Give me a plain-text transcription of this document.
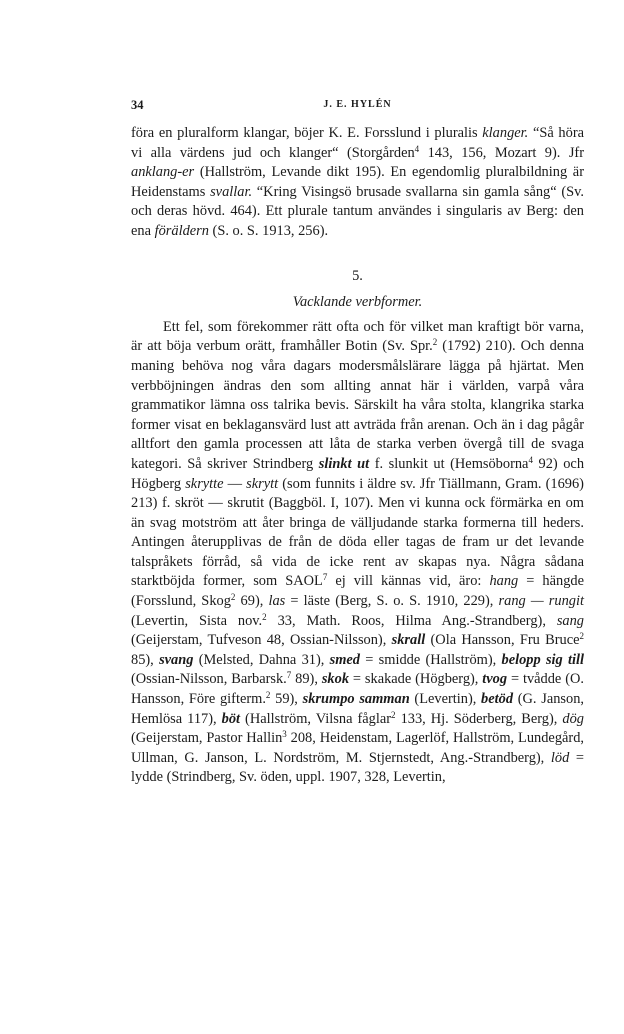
34	J. E. HYLÉN

föra en pluralform klangar, böjer K. E. Forsslund i pluralis klanger. “Så höra vi alla värdens jud och klanger“ (Storgården$^4$ 143, 156, Mozart 9). Jfr anklang-er (Hallström, Levande dikt 195). En egendomlig pluralbildning är Heidenstams svallar. “Kring Visingsö brusade svallarna sin gamla sång“ (Sv. och deras hövd. 464). Ett plurale tantum användes i singularis av Berg: den ena föräldern (S. o. S. 1913, 256).

5.
Vacklande verbformer.

Ett fel, som förekommer rätt ofta och för vilket man kraftigt bör varna, är att böja verbum orätt, framhåller Botin (Sv. Spr.$^2$ (1792) 210). Och denna maning behöva nog våra dagars modersmålslärare lägga på hjärtat. Men verbböjningen ändras den som allting annat här i världen, varpå våra grammatikor lämna oss talrika bevis. Särskilt ha våra stolta, klangrika starka former visat en beklagansvärd lust att avträda från arenan. Och än i dag pågår alltfort den gamla processen att låta de starka verben övergå till de svaga kategori. Så skriver Strindberg slinkt ut f. slunkit ut (Hemsöborna$^4$ 92) och Högberg skrytte — skrytt (som funnits i äldre sv. Jfr Tiällmann, Gram. (1696) 213) f. skröt — skrutit (Baggböl. I, 107). Men vi kunna ock förmärka en om än svag motström att åter bringa de välljudande starka formerna till heders. Antingen återupplivas de från de döda eller tagas de fram ur det levande talspråkets förråd, så vida de icke rent av skapas nya. Några sådana starktböjda former, som SAOL$^7$ ej vill kännas vid, äro: hang = hängde (Forsslund, Skog$^2$ 69), las = läste (Berg, S. o. S. 1910, 229), rang — rungit (Levertin, Sista nov.$^2$ 33, Math. Roos, Hilma Ang.-Strandberg), sang (Geijerstam, Tufveson 48, Ossian-Nilsson), skrall (Ola Hansson, Fru Bruce$^2$ 85), svang (Melsted, Dahna 31), smed = smidde (Hallström), belopp sig till (Ossian-Nilsson, Barbarsk.$^7$ 89), skok = skakade (Högberg), tvog = tvådde (O. Hansson, Före gifterm.$^2$ 59), skrumpo samman (Levertin), betöd (G. Janson, Hemlösa 117), böt (Hallström, Vilsna fåglar$^2$ 133, Hj. Söderberg, Berg), dög (Geijerstam, Pastor Hallin$^3$ 208, Heidenstam, Lagerlöf, Hallström, Lundegård, Ullman, G. Janson, L. Nordström, M. Stjernstedt, Ang.-Strandberg), löd = lydde (Strindberg, Sv. öden, uppl. 1907, 328, Levertin,
